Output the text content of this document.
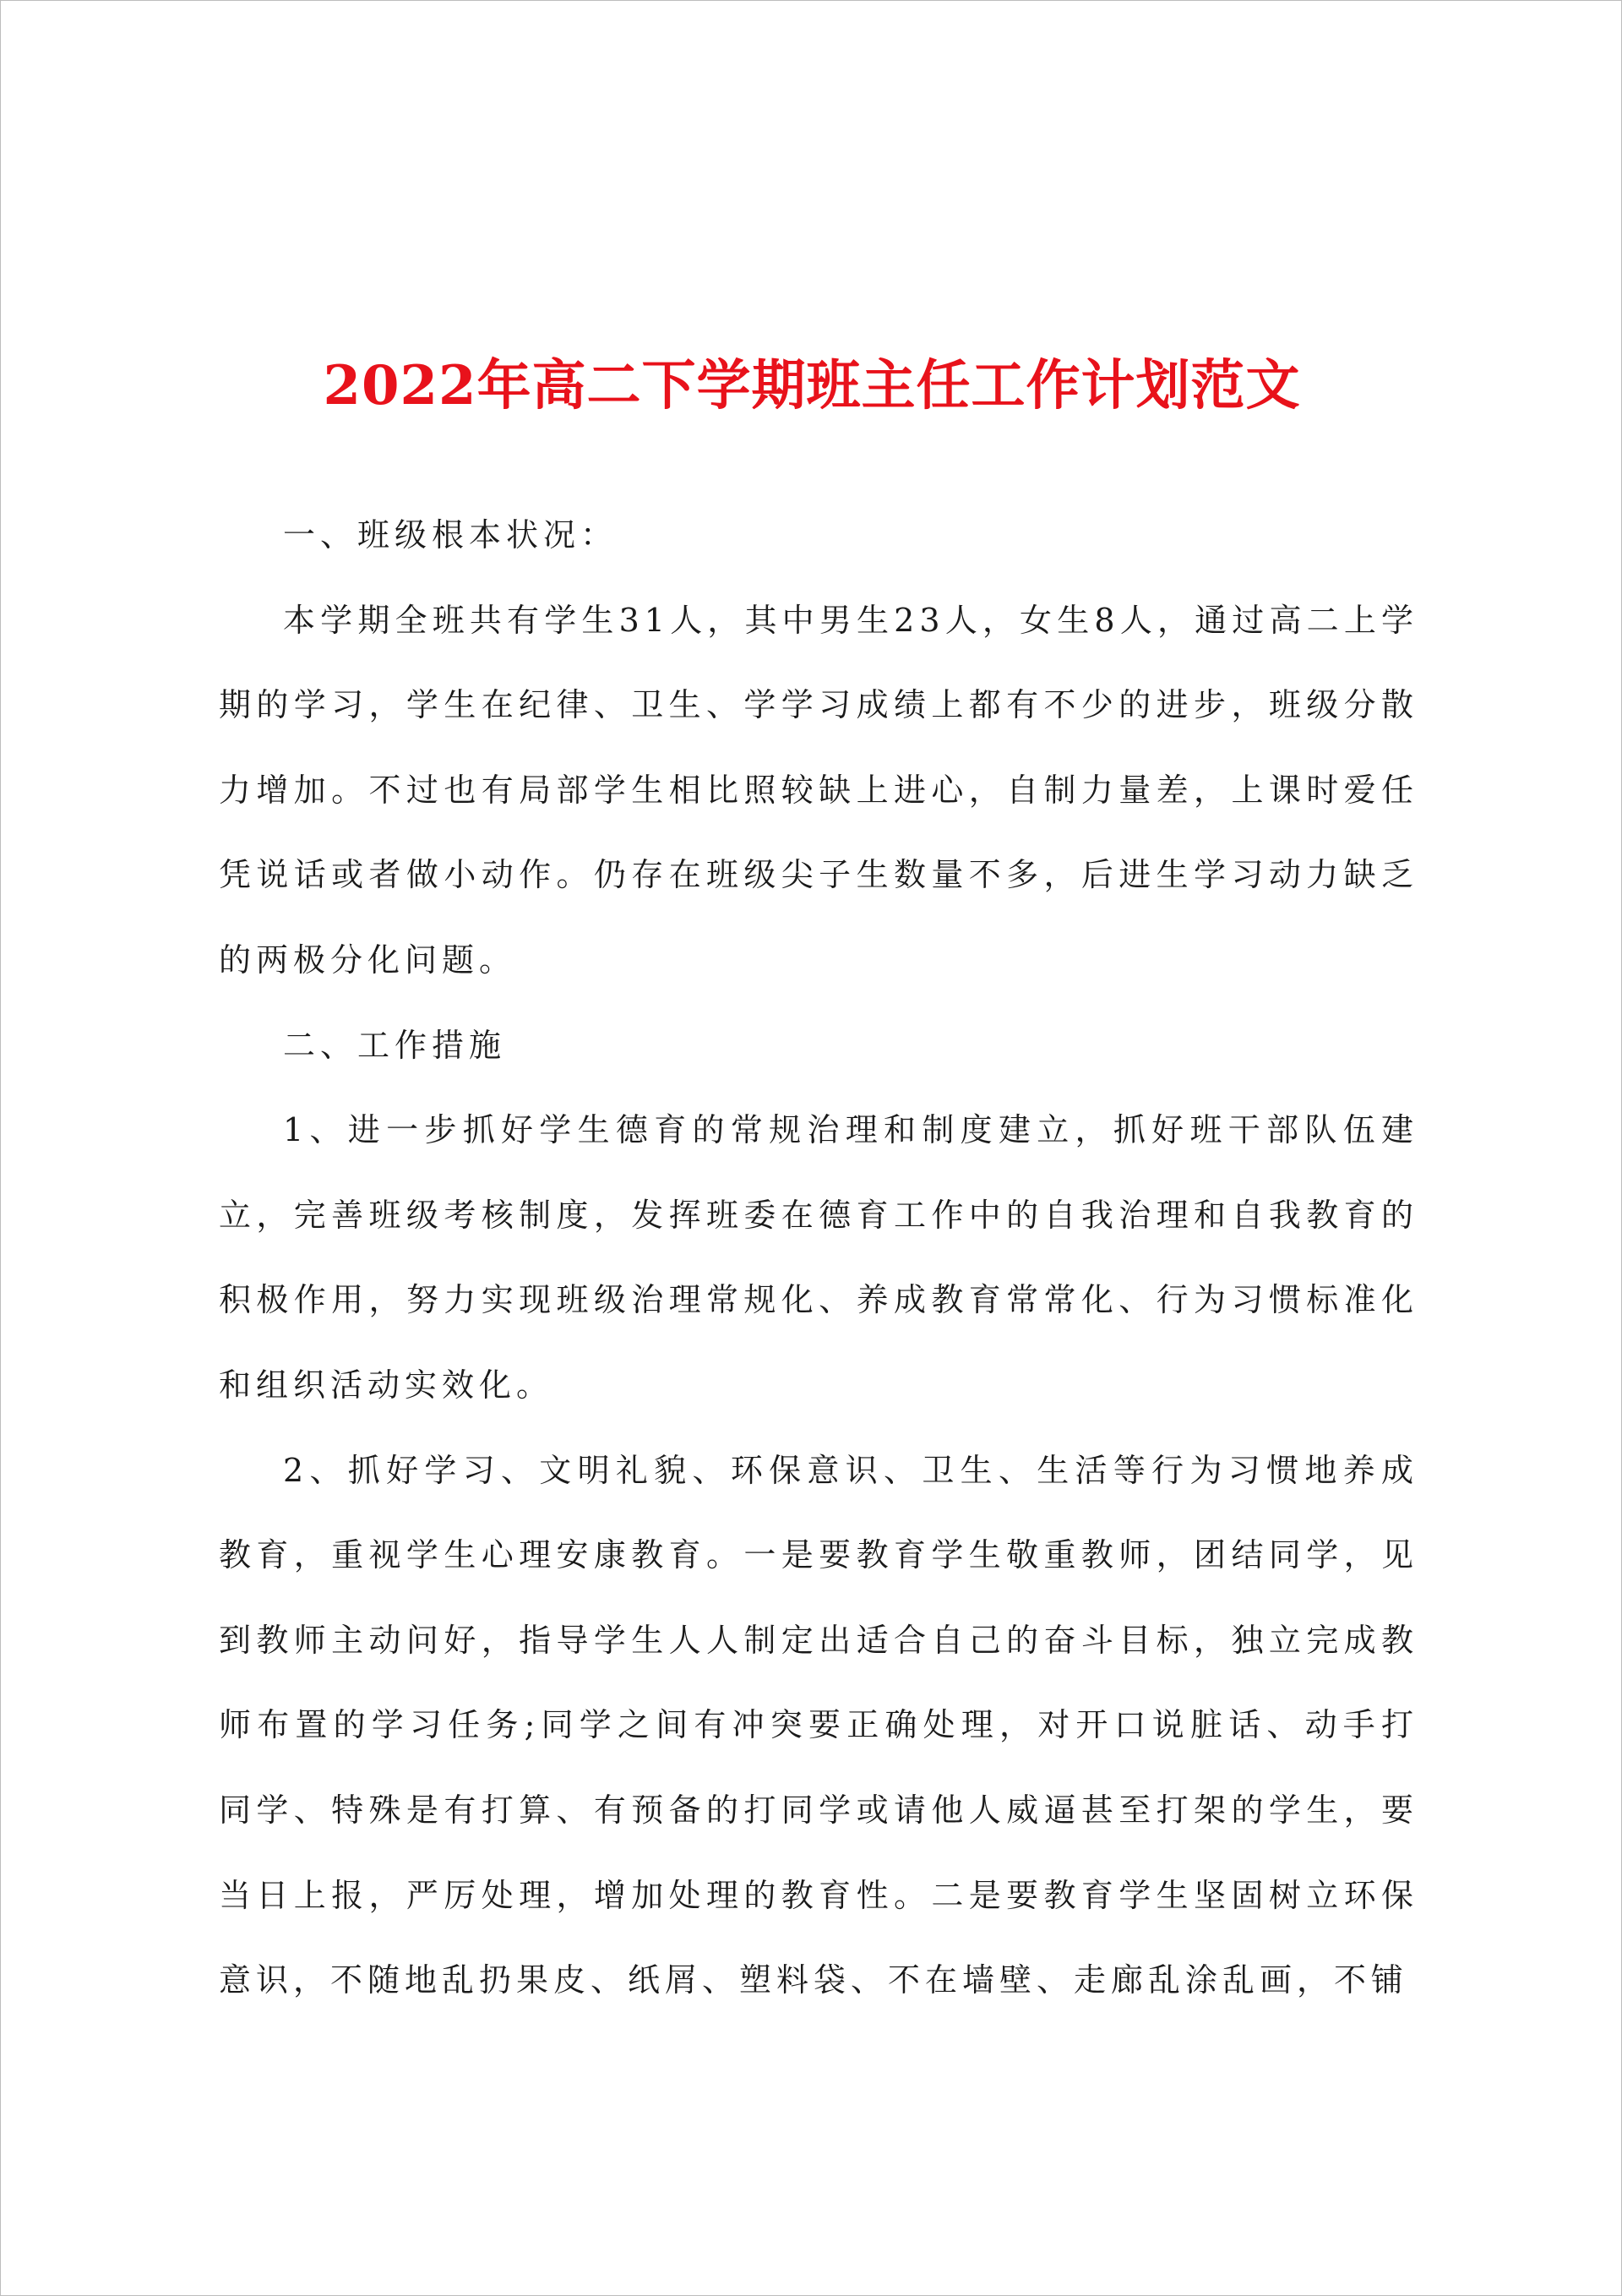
2022年高二下学期班主任工作计划范文

一、班级根本状况：

本学期全班共有学生31人，其中男生23人，女生8人，通过高二上学期的学习，学生在纪律、卫生、学学习成绩上都有不少的进步，班级分散力增加。不过也有局部学生相比照较缺上进心，自制力量差，上课时爱任凭说话或者做小动作。仍存在班级尖子生数量不多，后进生学习动力缺乏的两极分化问题。

二、工作措施

1、进一步抓好学生德育的常规治理和制度建立，抓好班干部队伍建立，完善班级考核制度，发挥班委在德育工作中的自我治理和自我教育的积极作用，努力实现班级治理常规化、养成教育常常化、行为习惯标准化和组织活动实效化。

2、抓好学习、文明礼貌、环保意识、卫生、生活等行为习惯地养成教育，重视学生心理安康教育。一是要教育学生敬重教师，团结同学，见到教师主动问好，指导学生人人制定出适合自己的奋斗目标，独立完成教师布置的学习任务;同学之间有冲突要正确处理，对开口说脏话、动手打同学、特殊是有打算、有预备的打同学或请他人威逼甚至打架的学生，要当日上报，严厉处理，增加处理的教育性。二是要教育学生坚固树立环保意识，不随地乱扔果皮、纸屑、塑料袋、不在墙壁、走廊乱涂乱画，不铺
